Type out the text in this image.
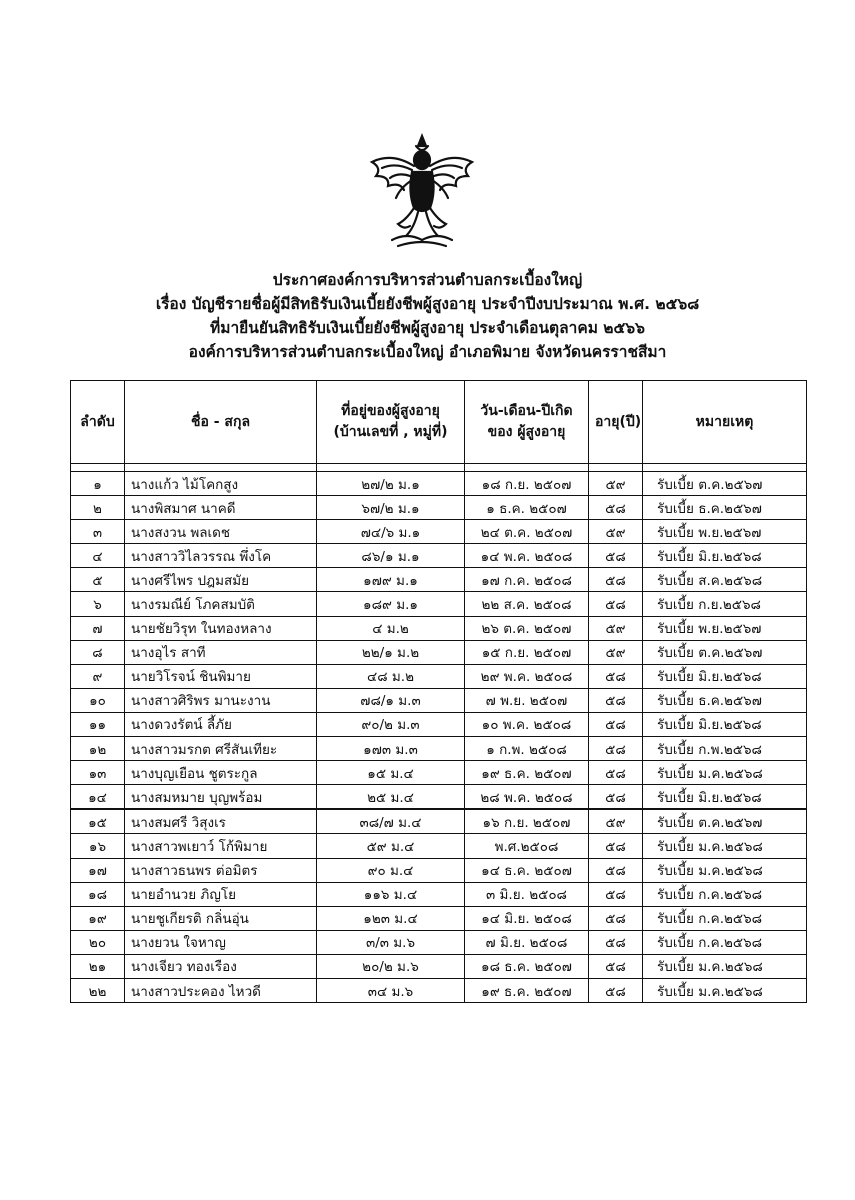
ประกาศองค์การบริหารส่วนตำบลกระเบื้องใหญ่
เรื่อง บัญชีรายชื่อผู้มีสิทธิรับเงินเบี้ยยังชีพผู้สูงอายุ ประจำปีงบประมาณ พ.ศ. ๒๕๖๘
ที่มายืนยันสิทธิรับเงินเบี้ยยังชีพผู้สูงอายุ ประจำเดือนตุลาคม ๒๕๖๖
องค์การบริหารส่วนตำบลกระเบื้องใหญ่ อำเภอพิมาย จังหวัดนครราชสีมา
ลำดับ	ชื่อ - สกุล	ที่อยู่ของผู้สูงอายุ (บ้านเลขที่ , หมู่ที่)	วัน-เดือน-ปีเกิดของ ผู้สูงอายุ	อายุ(ปี)	หมายเหตุ

๑	นางแก้ว ไม้โคกสูง	๒๗/๒ ม.๑	๑๘ ก.ย. ๒๕๐๗	๕๙	รับเบี้ย ต.ค.๒๕๖๗
๒	นางพิสมาศ นาคดี	๖๗/๒ ม.๑	๑ ธ.ค. ๒๕๐๗	๕๘	รับเบี้ย ธ.ค.๒๕๖๗
๓	นางสงวน พลเดช	๗๔/๖ ม.๑	๒๔ ต.ค. ๒๕๐๗	๕๙	รับเบี้ย พ.ย.๒๕๖๗
๔	นางสาววิไลวรรณ พึ่งโค	๘๖/๑ ม.๑	๑๔ พ.ค. ๒๕๐๘	๕๘	รับเบี้ย มิ.ย.๒๕๖๘
๕	นางศรีไพร ปฎมสมัย	๑๗๙ ม.๑	๑๗ ก.ค. ๒๕๐๘	๕๘	รับเบี้ย ส.ค.๒๕๖๘
๖	นางรมณีย์ โภคสมบัติ	๑๘๙ ม.๑	๒๒ ส.ค. ๒๕๐๘	๕๘	รับเบี้ย ก.ย.๒๕๖๘
๗	นายชัยวิรุท ในทองหลาง	๔ ม.๒	๒๖ ต.ค. ๒๕๐๗	๕๙	รับเบี้ย พ.ย.๒๕๖๗
๘	นางอุไร สาที	๒๒/๑ ม.๒	๑๕ ก.ย. ๒๕๐๗	๕๙	รับเบี้ย ต.ค.๒๕๖๗
๙	นายวิโรจน์ ชินพิมาย	๔๘ ม.๒	๒๙ พ.ค. ๒๕๐๘	๕๘	รับเบี้ย มิ.ย.๒๕๖๘
๑๐	นางสาวศิริพร มานะงาน	๗๘/๑ ม.๓	๗ พ.ย. ๒๕๐๗	๕๘	รับเบี้ย ธ.ค.๒๕๖๗
๑๑	นางดวงรัตน์ ลี้ภัย	๙๐/๒ ม.๓	๑๐ พ.ค. ๒๕๐๘	๕๘	รับเบี้ย มิ.ย.๒๕๖๘
๑๒	นางสาวมรกต ศรีสันเทียะ	๑๗๓ ม.๓	๑ ก.พ. ๒๕๐๘	๕๘	รับเบี้ย ก.พ.๒๕๖๘
๑๓	นางบุญเยือน ชูตระกูล	๑๕ ม.๔	๑๙ ธ.ค. ๒๕๐๗	๕๘	รับเบี้ย ม.ค.๒๕๖๘
๑๔	นางสมหมาย บุญพร้อม	๒๕ ม.๔	๒๘ พ.ค. ๒๕๐๘	๕๘	รับเบี้ย มิ.ย.๒๕๖๘
๑๕	นางสมศรี วิสุงเร	๓๘/๗ ม.๔	๑๖ ก.ย. ๒๕๐๗	๕๙	รับเบี้ย ต.ค.๒๕๖๗
๑๖	นางสาวพเยาว์ โก้พิมาย	๕๙ ม.๔	พ.ศ.๒๕๐๘	๕๘	รับเบี้ย ม.ค.๒๕๖๘
๑๗	นางสาวธนพร ต่อมิตร	๙๐ ม.๔	๑๔ ธ.ค. ๒๕๐๗	๕๘	รับเบี้ย ม.ค.๒๕๖๘
๑๘	นายอำนวย ภิญโย	๑๑๖ ม.๔	๓ มิ.ย. ๒๕๐๘	๕๘	รับเบี้ย ก.ค.๒๕๖๘
๑๙	นายชูเกียรติ กลิ่นอุ่น	๑๒๓ ม.๔	๑๔ มิ.ย. ๒๕๐๘	๕๘	รับเบี้ย ก.ค.๒๕๖๘
๒๐	นางยวน ใจหาญ	๓/๓ ม.๖	๗ มิ.ย. ๒๕๐๘	๕๘	รับเบี้ย ก.ค.๒๕๖๘
๒๑	นางเจียว ทองเรือง	๒๐/๒ ม.๖	๑๘ ธ.ค. ๒๕๐๗	๕๘	รับเบี้ย ม.ค.๒๕๖๘
๒๒	นางสาวประคอง ไหวดี	๓๔ ม.๖	๑๙ ธ.ค. ๒๕๐๗	๕๘	รับเบี้ย ม.ค.๒๕๖๘
